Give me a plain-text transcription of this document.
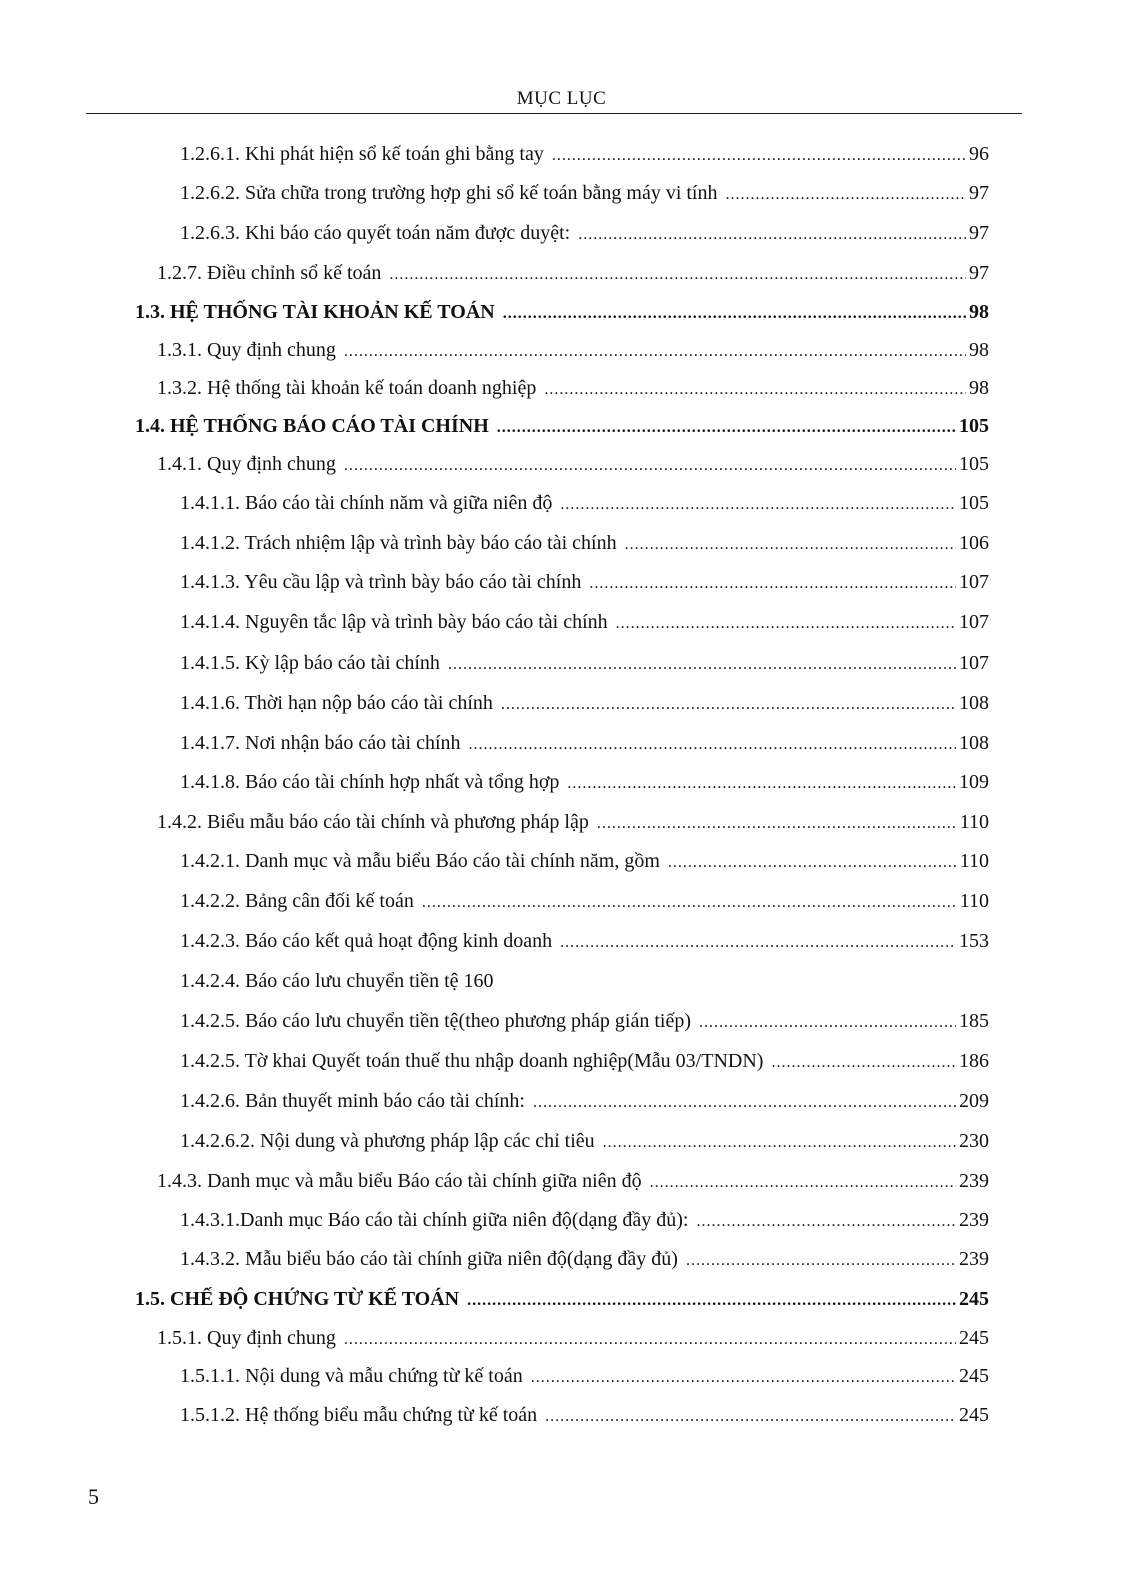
MỤC LỤC
1.2.6.1. Khi phát hiện sổ kế toán ghi bằng tay .....	96
1.2.6.2. Sửa chữa trong trường hợp ghi sổ kế toán bằng máy vi tính .....	97
1.2.6.3. Khi báo cáo quyết toán năm được duyệt: .....	97
1.2.7. Điều chỉnh sổ kế toán .....	97
1.3. HỆ THỐNG TÀI KHOẢN KẾ TOÁN .....	98
1.3.1. Quy định chung .....	98
1.3.2. Hệ thống tài khoản kế toán doanh nghiệp .....	98
1.4. HỆ THỐNG BÁO CÁO TÀI CHÍNH .....	105
1.4.1. Quy định chung .....	105
1.4.1.1. Báo cáo tài chính năm và giữa niên độ .....	105
1.4.1.2. Trách nhiệm lập và trình bày báo cáo tài chính .....	106
1.4.1.3. Yêu cầu lập và trình bày báo cáo tài chính .....	107
1.4.1.4. Nguyên tắc lập và trình bày báo cáo tài chính .....	107
1.4.1.5. Kỳ lập báo cáo tài chính .....	107
1.4.1.6. Thời hạn nộp báo cáo tài chính .....	108
1.4.1.7. Nơi nhận báo cáo tài chính .....	108
1.4.1.8. Báo cáo tài chính hợp nhất và tổng hợp .....	109
1.4.2. Biểu mẫu báo cáo tài chính và phương pháp lập .....	110
1.4.2.1. Danh mục và mẫu biểu Báo cáo tài chính năm, gồm .....	110
1.4.2.2. Bảng cân đối kế toán .....	110
1.4.2.3. Báo cáo kết quả hoạt động kinh doanh .....	153
1.4.2.4. Báo cáo lưu chuyển tiền tệ 160
1.4.2.5. Báo cáo lưu chuyển tiền tệ(theo phương pháp gián tiếp) .....	185
1.4.2.5. Tờ khai Quyết toán thuế thu nhập doanh nghiệp(Mẫu 03/TNDN) .....	186
1.4.2.6. Bản thuyết minh báo cáo tài chính: .....	209
1.4.2.6.2. Nội dung và phương pháp lập các chỉ tiêu .....	230
1.4.3. Danh mục và mẫu biểu Báo cáo tài chính giữa niên độ .....	239
1.4.3.1.Danh mục Báo cáo tài chính giữa niên độ(dạng đầy đủ): .....	239
1.4.3.2. Mẫu biểu báo cáo tài chính giữa niên độ(dạng đầy đủ) .....	239
1.5. CHẾ ĐỘ CHỨNG TỪ KẾ TOÁN .....	245
1.5.1. Quy định chung .....	245
1.5.1.1. Nội dung và mẫu chứng từ kế toán .....	245
1.5.1.2. Hệ thống biểu mẫu chứng từ kế toán .....	245
5
